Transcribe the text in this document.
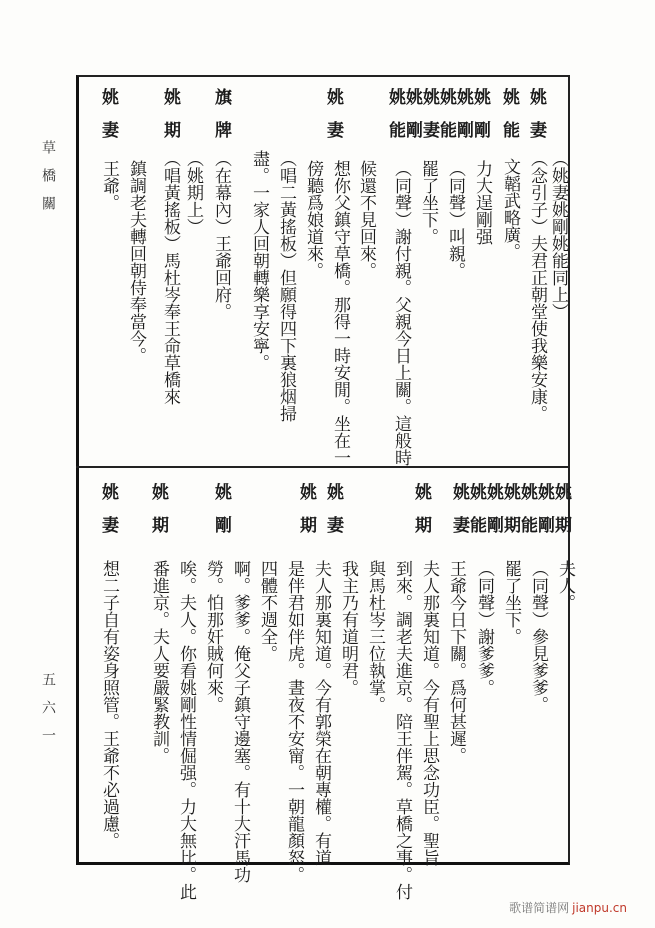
草橋關
五六一
姚妻
姚能
姚剛
姚剛
姚能
姚妻
姚剛
姚能
姚妻
旗牌
姚期
姚妻
（姚妻姚剛姚能同上）
（念引子）夫君正朝堂使我樂安康。
文韜武略廣。
力大逞剛强
（同聲）叫親。
罷了坐下。
（同聲）謝付親。父親今日上關。這般時
候還不見回來。
想你父鎮守草橋。那得一時安閒。坐在一
傍聽爲娘道來。
（唱二黃搖板）但願得四下裏狼烟掃
盡。一家人回朝轉樂享安寧。
（在幕內）王爺回府。
（姚期上）
（唱黃搖板）馬杜岑奉王命草橋來
鎮調老夫轉回朝侍奉當今。
王爺。
姚期
姚剛
姚能
姚期
姚剛
姚能
姚妻
姚期
姚妻
姚期
姚剛
姚期
姚妻
夫人。
（同聲）參見爹爹。
罷了坐下。
（同聲）謝爹爹。
王爺今日下關。爲何甚遲。
夫人那裏知道。今有聖上思念功臣。聖旨
到來。調老夫進京。陪王伴駕。草橋之事。付
與馬杜岑三位執掌。
我主乃有道明君。
夫人那裏知道。今有郭榮在朝專權。有道
是伴君如伴虎。晝夜不安甯。一朝龍顏怒。
四體不週全。
啊。爹爹。俺父子鎮守邊塞。有十大汗馬功
勞。怕那奸賊何來。
唉。夫人。你看姚剛性情倔强。力大無比。此
番進京。夫人要嚴緊教訓。
想二子自有姿身照管。王爺不必過慮。
歌谱简谱网 jianpu.cn
